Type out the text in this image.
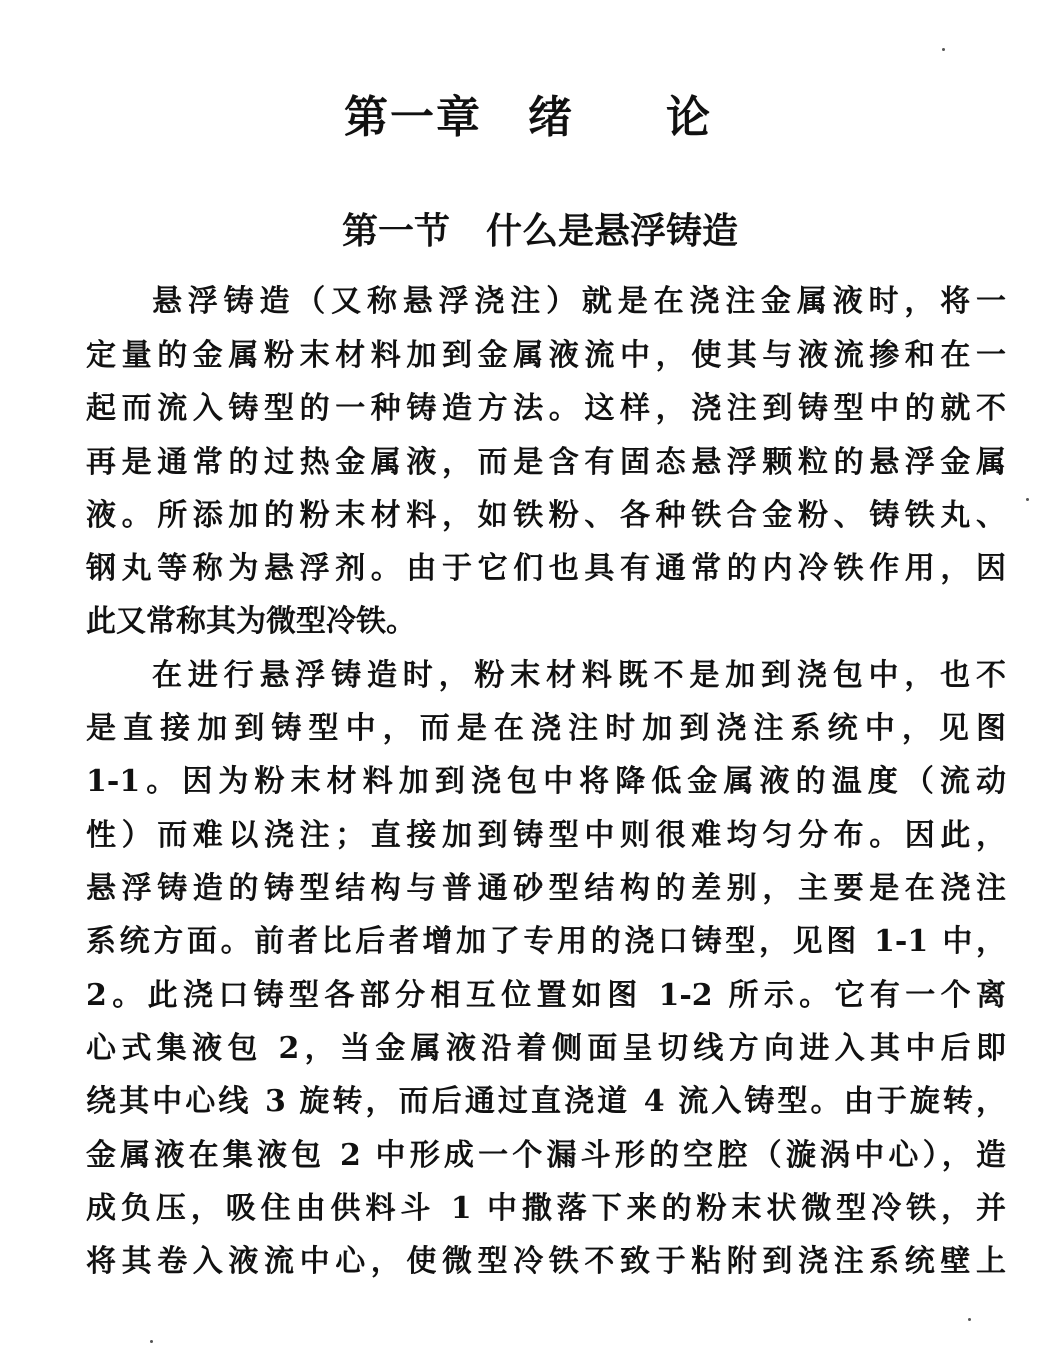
第一章　绪　　论
第一节　什么是悬浮铸造
悬浮铸造（又称悬浮浇注）就是在浇注金属液时，将一
定量的金属粉末材料加到金属液流中，使其与液流掺和在一
起而流入铸型的一种铸造方法。这样，浇注到铸型中的就不
再是通常的过热金属液，而是含有固态悬浮颗粒的悬浮金属
液。所添加的粉末材料，如铁粉、各种铁合金粉、铸铁丸、
钢丸等称为悬浮剂。由于它们也具有通常的内冷铁作用，因
此又常称其为微型冷铁。
在进行悬浮铸造时，粉末材料既不是加到浇包中，也不
是直接加到铸型中，而是在浇注时加到浇注系统中，见图
1-1。因为粉末材料加到浇包中将降低金属液的温度（流动
性）而难以浇注；直接加到铸型中则很难均匀分布。因此，
悬浮铸造的铸型结构与普通砂型结构的差别，主要是在浇注
系统方面。前者比后者增加了专用的浇口铸型，见图 1-1 中，
2。此浇口铸型各部分相互位置如图 1-2 所示。它有一个离
心式集液包 2，当金属液沿着侧面呈切线方向进入其中后即
绕其中心线 3 旋转，而后通过直浇道 4 流入铸型。由于旋转，
金属液在集液包 2 中形成一个漏斗形的空腔（漩涡中心），造
成负压，吸住由供料斗 1 中撒落下来的粉末状微型冷铁，并
将其卷入液流中心，使微型冷铁不致于粘附到浇注系统壁上
